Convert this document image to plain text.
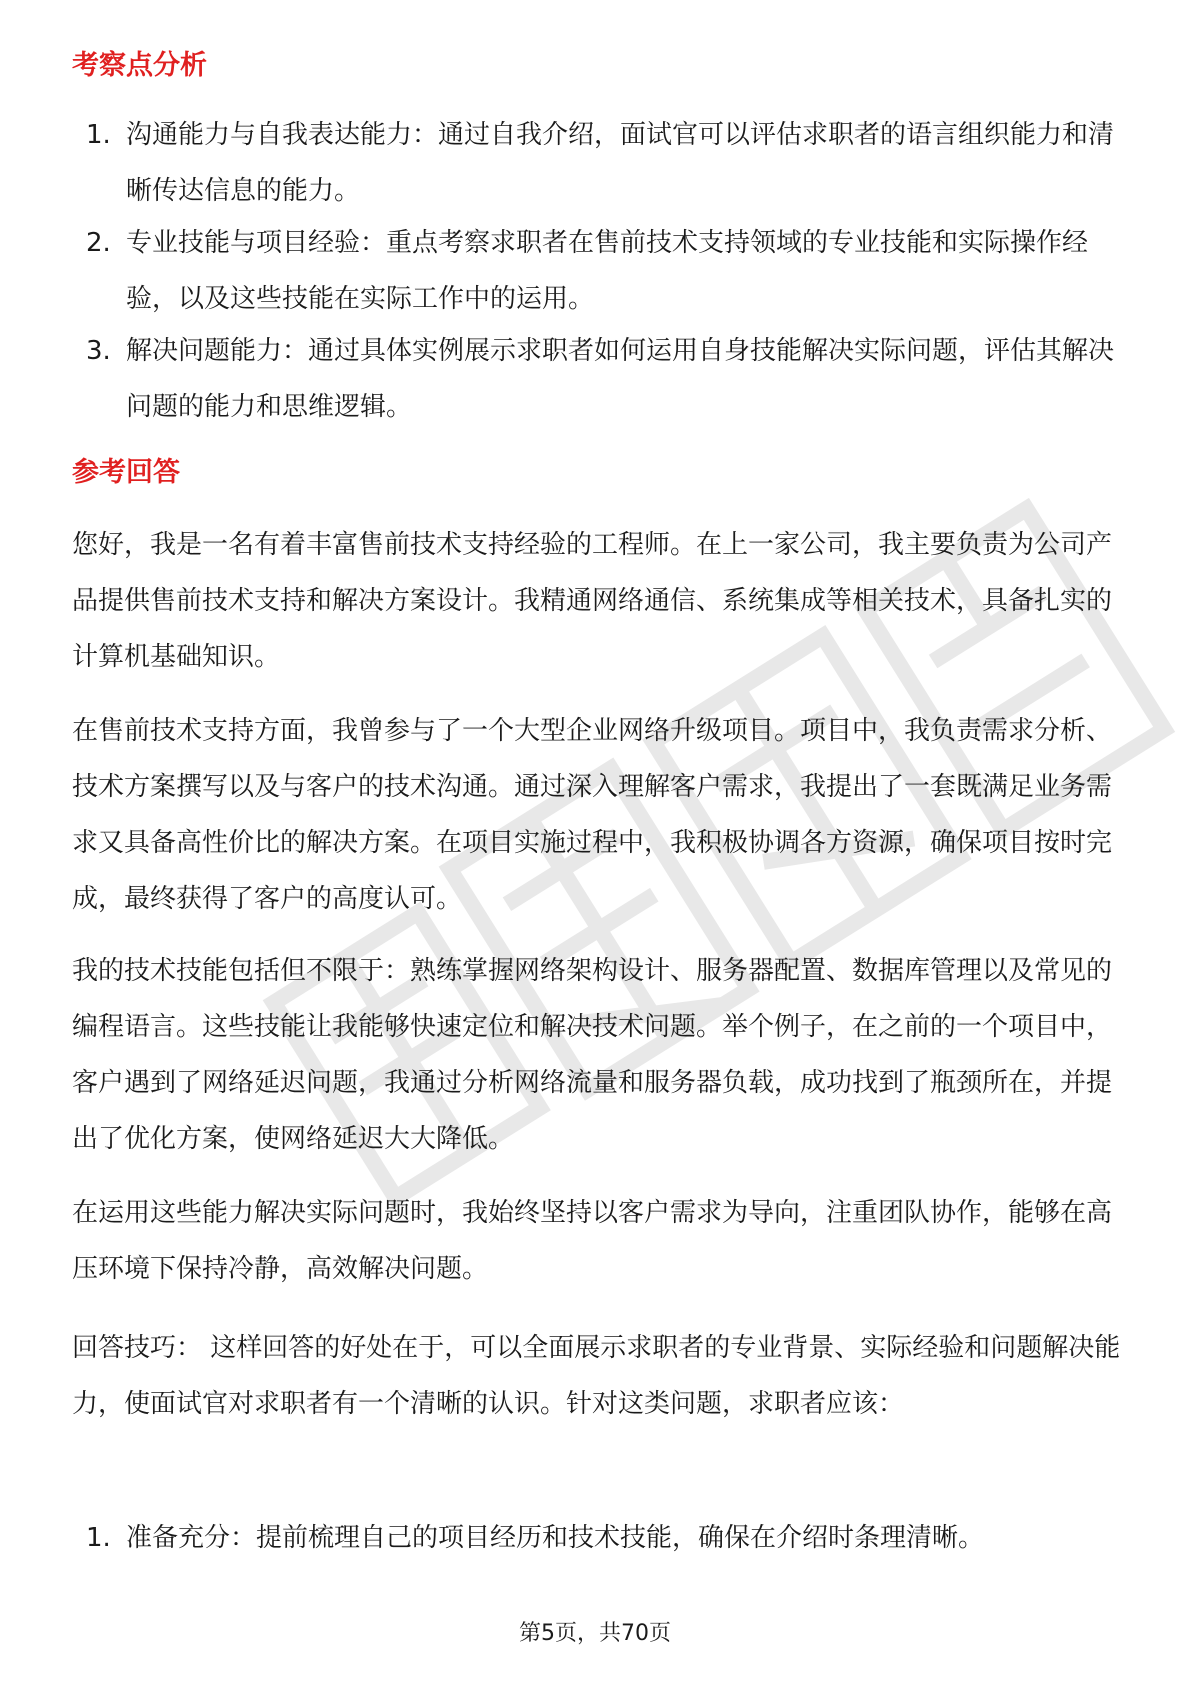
考察点分析
1. 沟通能力与自我表达能力：通过自我介绍，面试官可以评估求职者的语言组织能力和清晰传达信息的能力。
2. 专业技能与项目经验：重点考察求职者在售前技术支持领域的专业技能和实际操作经验，以及这些技能在实际工作中的运用。
3. 解决问题能力：通过具体实例展示求职者如何运用自身技能解决实际问题，评估其解决问题的能力和思维逻辑。
参考回答
您好，我是一名有着丰富售前技术支持经验的工程师。在上一家公司，我主要负责为公司产品提供售前技术支持和解决方案设计。我精通网络通信、系统集成等相关技术，具备扎实的计算机基础知识。
在售前技术支持方面，我曾参与了一个大型企业网络升级项目。项目中，我负责需求分析、技术方案撰写以及与客户的技术沟通。通过深入理解客户需求，我提出了一套既满足业务需求又具备高性价比的解决方案。在项目实施过程中，我积极协调各方资源，确保项目按时完成，最终获得了客户的高度认可。
我的技术技能包括但不限于：熟练掌握网络架构设计、服务器配置、数据库管理以及常见的编程语言。这些技能让我能够快速定位和解决技术问题。举个例子，在之前的一个项目中，客户遇到了网络延迟问题，我通过分析网络流量和服务器负载，成功找到了瓶颈所在，并提出了优化方案，使网络延迟大大降低。
在运用这些能力解决实际问题时，我始终坚持以客户需求为导向，注重团队协作，能够在高压环境下保持冷静，高效解决问题。
回答技巧： 这样回答的好处在于，可以全面展示求职者的专业背景、实际经验和问题解决能力，使面试官对求职者有一个清晰的认识。针对这类问题，求职者应该：
1. 准备充分：提前梳理自己的项目经历和技术技能，确保在介绍时条理清晰。
第5页，共70页
